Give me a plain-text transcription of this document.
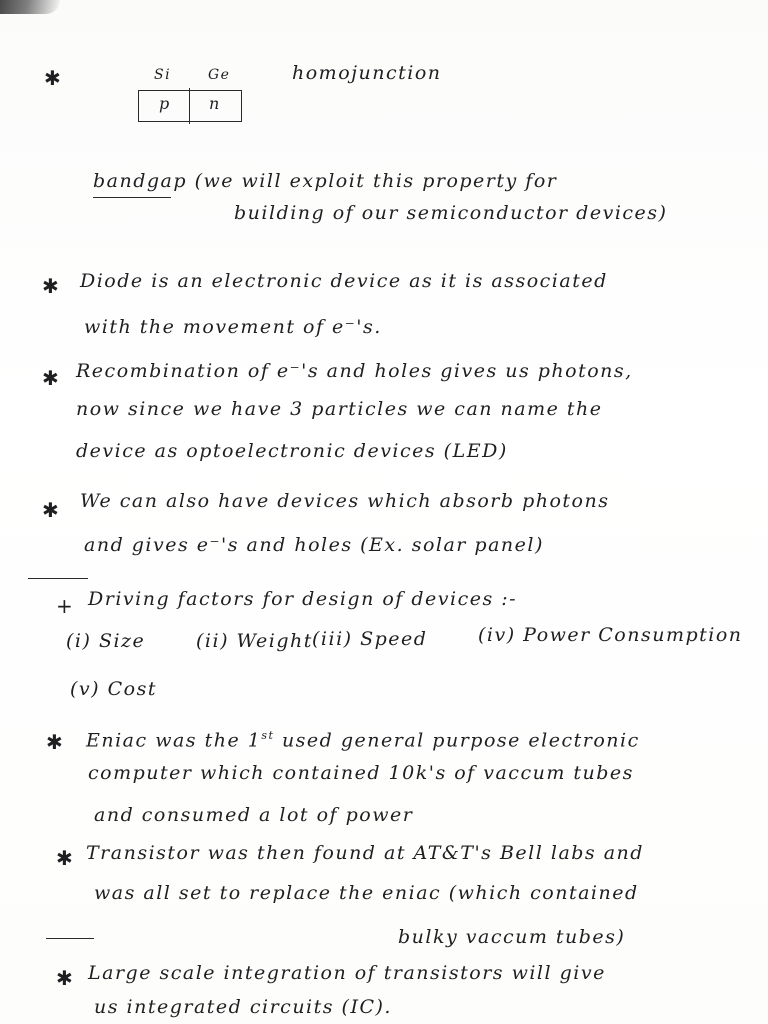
✱	Si	Ge
p n
homojunction
bandgap (we will exploit this property for
building of our semiconductor devices)
✱ Diode is an electronic device as it is associated
with the movement of e⁻'s.
✱ Recombination of e⁻'s and holes gives us photons,
now since we have 3 particles we can name the
device as optoelectronic devices (LED)
✱ We can also have devices which absorb photons
and gives e⁻'s and holes (Ex. solar panel)
+ Driving factors for design of devices :-
(i) Size	(ii) Weight (iii) Speed	(iv) Power Consumption
(v) Cost
✱ Eniac was the 1st used general purpose electronic
computer which contained 10k's of vaccum tubes
and consumed a lot of power
✱ Transistor was then found at AT&T's Bell labs and
was all set to replace the eniac (which contained
bulky vaccum tubes)
✱ Large scale integration of transistors will give
us integrated circuits (IC).
